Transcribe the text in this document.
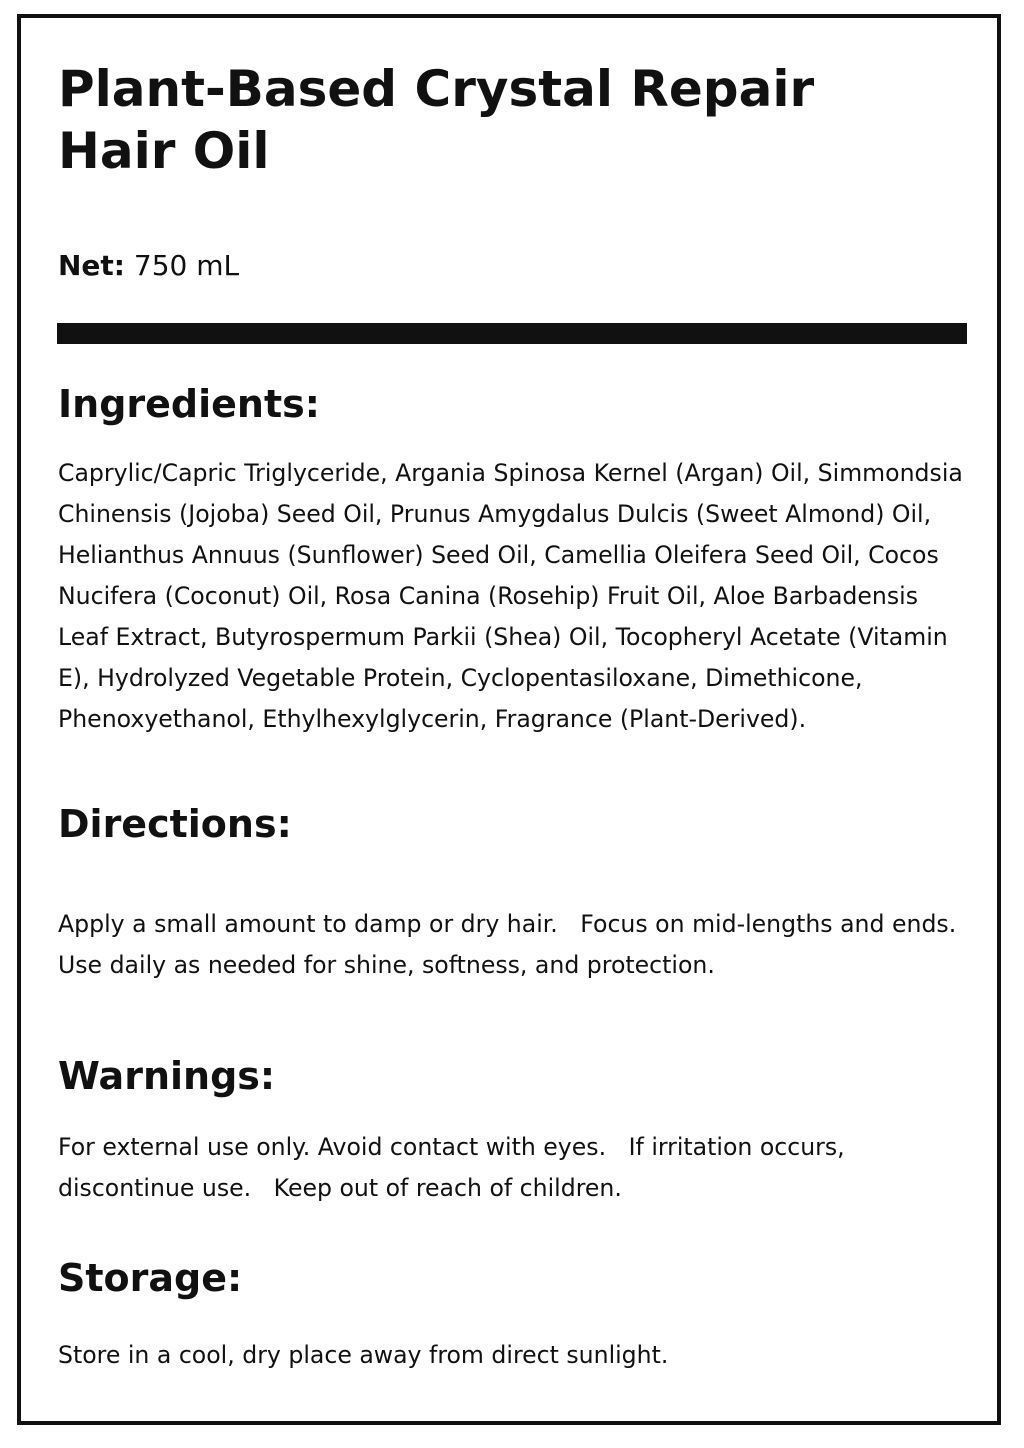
Plant-Based Crystal Repair Hair Oil

Net: 750 mL

Ingredients:

Caprylic/Capric Triglyceride, Argania Spinosa Kernel (Argan) Oil, Simmondsia Chinensis (Jojoba) Seed Oil, Prunus Amygdalus Dulcis (Sweet Almond) Oil, Helianthus Annuus (Sunflower) Seed Oil, Camellia Oleifera Seed Oil, Cocos Nucifera (Coconut) Oil, Rosa Canina (Rosehip) Fruit Oil, Aloe Barbadensis Leaf Extract, Butyrospermum Parkii (Shea) Oil, Tocopheryl Acetate (Vitamin E), Hydrolyzed Vegetable Protein, Cyclopentasiloxane, Dimethicone, Phenoxyethanol, Ethylhexylglycerin, Fragrance (Plant-Derived).

Directions:

Apply a small amount to damp or dry hair.   Focus on mid-lengths and ends.   Use daily as needed for shine, softness, and protection.

Warnings:

For external use only. Avoid contact with eyes.   If irritation occurs, discontinue use.   Keep out of reach of children.

Storage:

Store in a cool, dry place away from direct sunlight.
